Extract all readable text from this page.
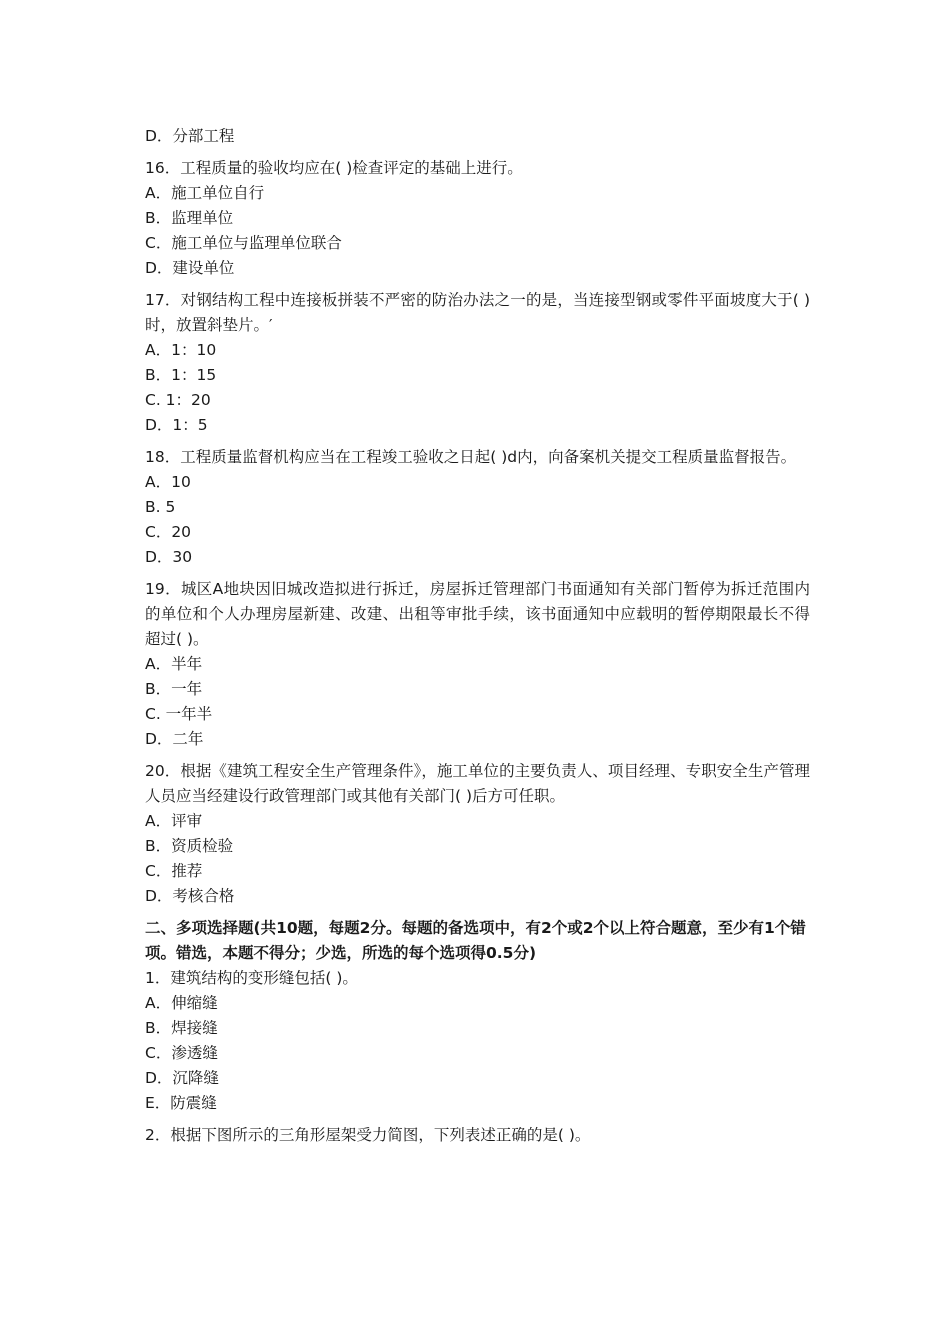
D．分部工程
16．工程质量的验收均应在( )检查评定的基础上进行。
A．施工单位自行
B．监理单位
C．施工单位与监理单位联合
D．建设单位
17．对钢结构工程中连接板拼装不严密的防治办法之一的是，当连接型钢或零件平面坡度大于( )时，放置斜垫片。′
A．1：10
B．1：15
C. 1：20
D．1：5
18．工程质量监督机构应当在工程竣工验收之日起( )d内，向备案机关提交工程质量监督报告。
A．10
B. 5
C．20
D．30
19．城区A地块因旧城改造拟进行拆迁，房屋拆迁管理部门书面通知有关部门暂停为拆迁范围内的单位和个人办理房屋新建、改建、出租等审批手续，该书面通知中应载明的暂停期限最长不得超过( )。
A．半年
B．一年
C. 一年半
D．二年
20．根据《建筑工程安全生产管理条件》，施工单位的主要负责人、项目经理、专职安全生产管理人员应当经建设行政管理部门或其他有关部门( )后方可任职。
A．评审
B．资质检验
C．推荐
D．考核合格
二、多项选择题(共10题，每题2分。每题的备选项中，有2个或2个以上符合题意，至少有1个错项。错选，本题不得分；少选，所选的每个选项得0.5分)
1．建筑结构的变形缝包括( )。
A．伸缩缝
B．焊接缝
C．渗透缝
D．沉降缝
E．防震缝
2．根据下图所示的三角形屋架受力简图，下列表述正确的是( )。
